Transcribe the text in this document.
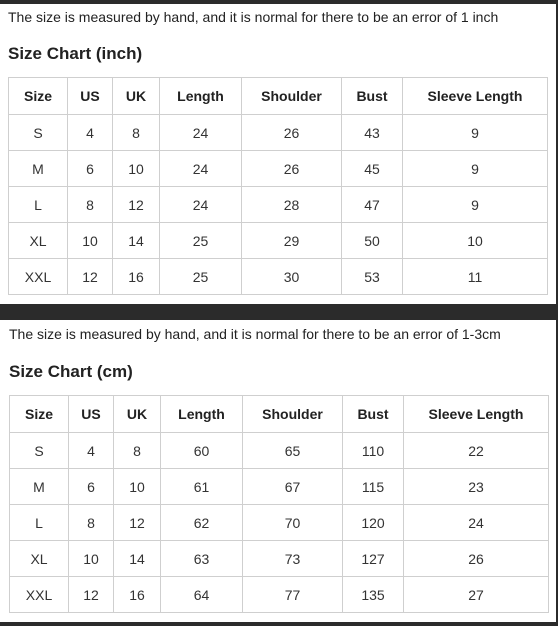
The size is measured by hand, and it is normal for there to be an error of 1 inch
Size Chart (inch)
Size	US	UK	Length	Shoulder	Bust	Sleeve Length
S	4	8	24	26	43	9
M	6	10	24	26	45	9
L	8	12	24	28	47	9
XL	10	14	25	29	50	10
XXL	12	16	25	30	53	11
The size is measured by hand, and it is normal for there to be an error of 1-3cm
Size Chart (cm)
Size	US	UK	Length	Shoulder	Bust	Sleeve Length
S	4	8	60	65	110	22
M	6	10	61	67	115	23
L	8	12	62	70	120	24
XL	10	14	63	73	127	26
XXL	12	16	64	77	135	27
